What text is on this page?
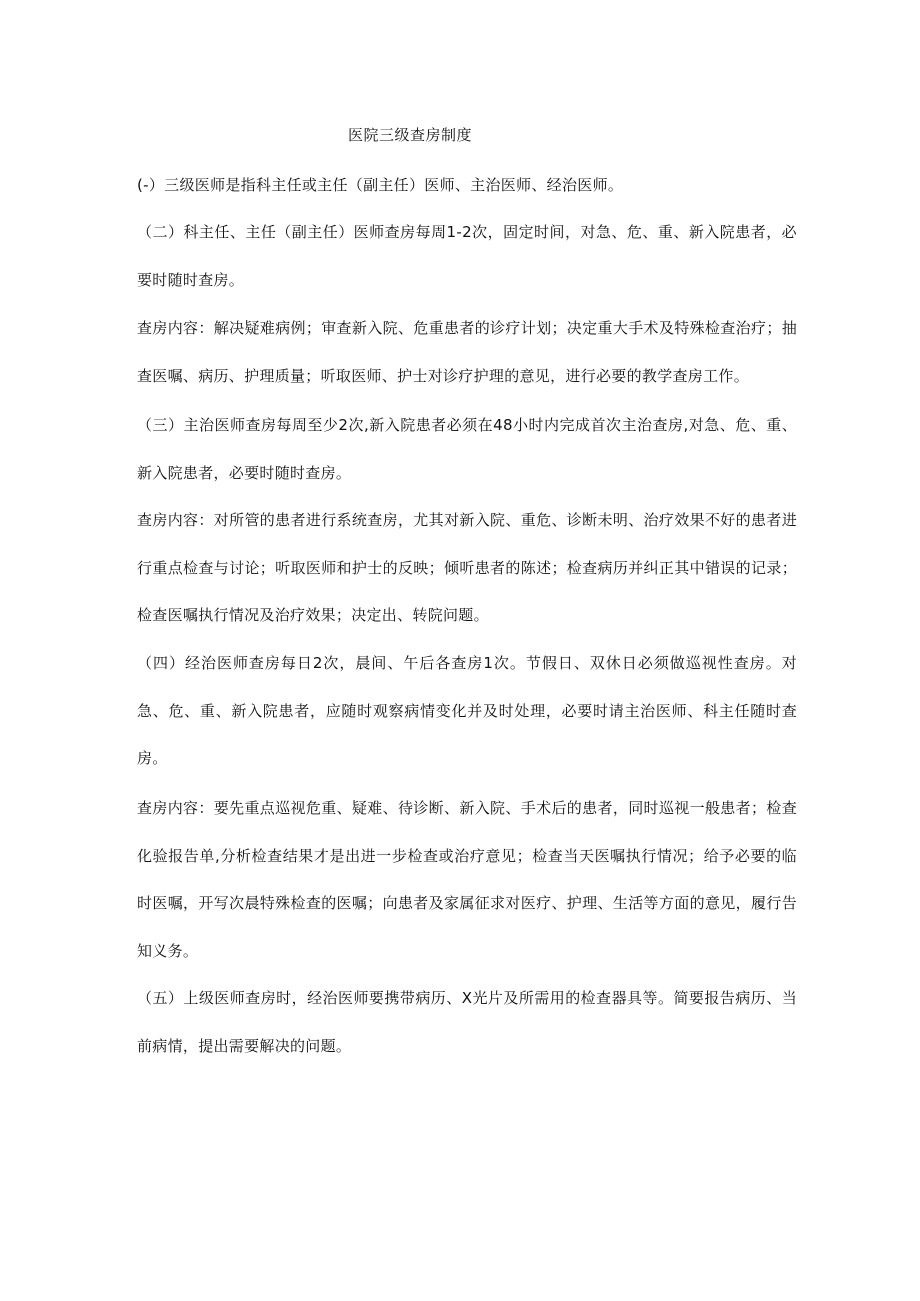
医院三级查房制度

(-）三级医师是指科主任或主任（副主任）医师、主治医师、经治医师。

（二）科主任、主任（副主任）医师查房每周1-2次，固定时间，对急、危、重、新入院患者，必要时随时查房。

查房内容：解决疑难病例；审查新入院、危重患者的诊疗计划；决定重大手术及特殊检查治疗；抽查医嘱、病历、护理质量；听取医师、护士对诊疗护理的意见，进行必要的教学查房工作。

（三）主治医师查房每周至少2次,新入院患者必须在48小时内完成首次主治查房,对急、危、重、新入院患者，必要时随时查房。

查房内容：对所管的患者进行系统查房，尤其对新入院、重危、诊断未明、治疗效果不好的患者进行重点检查与讨论；听取医师和护士的反映；倾听患者的陈述；检查病历并纠正其中错误的记录；检查医嘱执行情况及治疗效果；决定出、转院问题。

（四）经治医师查房每日2次，晨间、午后各查房1次。节假日、双休日必须做巡视性查房。对急、危、重、新入院患者，应随时观察病情变化并及时处理，必要时请主治医师、科主任随时查房。

查房内容：要先重点巡视危重、疑难、待诊断、新入院、手术后的患者，同时巡视一般患者；检查化验报告单,分析检查结果才是出进一步检查或治疗意见；检查当天医嘱执行情况；给予必要的临时医嘱，开写次晨特殊检查的医嘱；向患者及家属征求对医疗、护理、生活等方面的意见，履行告知义务。

（五）上级医师查房时，经治医师要携带病历、X光片及所需用的检查器具等。简要报告病历、当前病情，提出需要解决的问题。
